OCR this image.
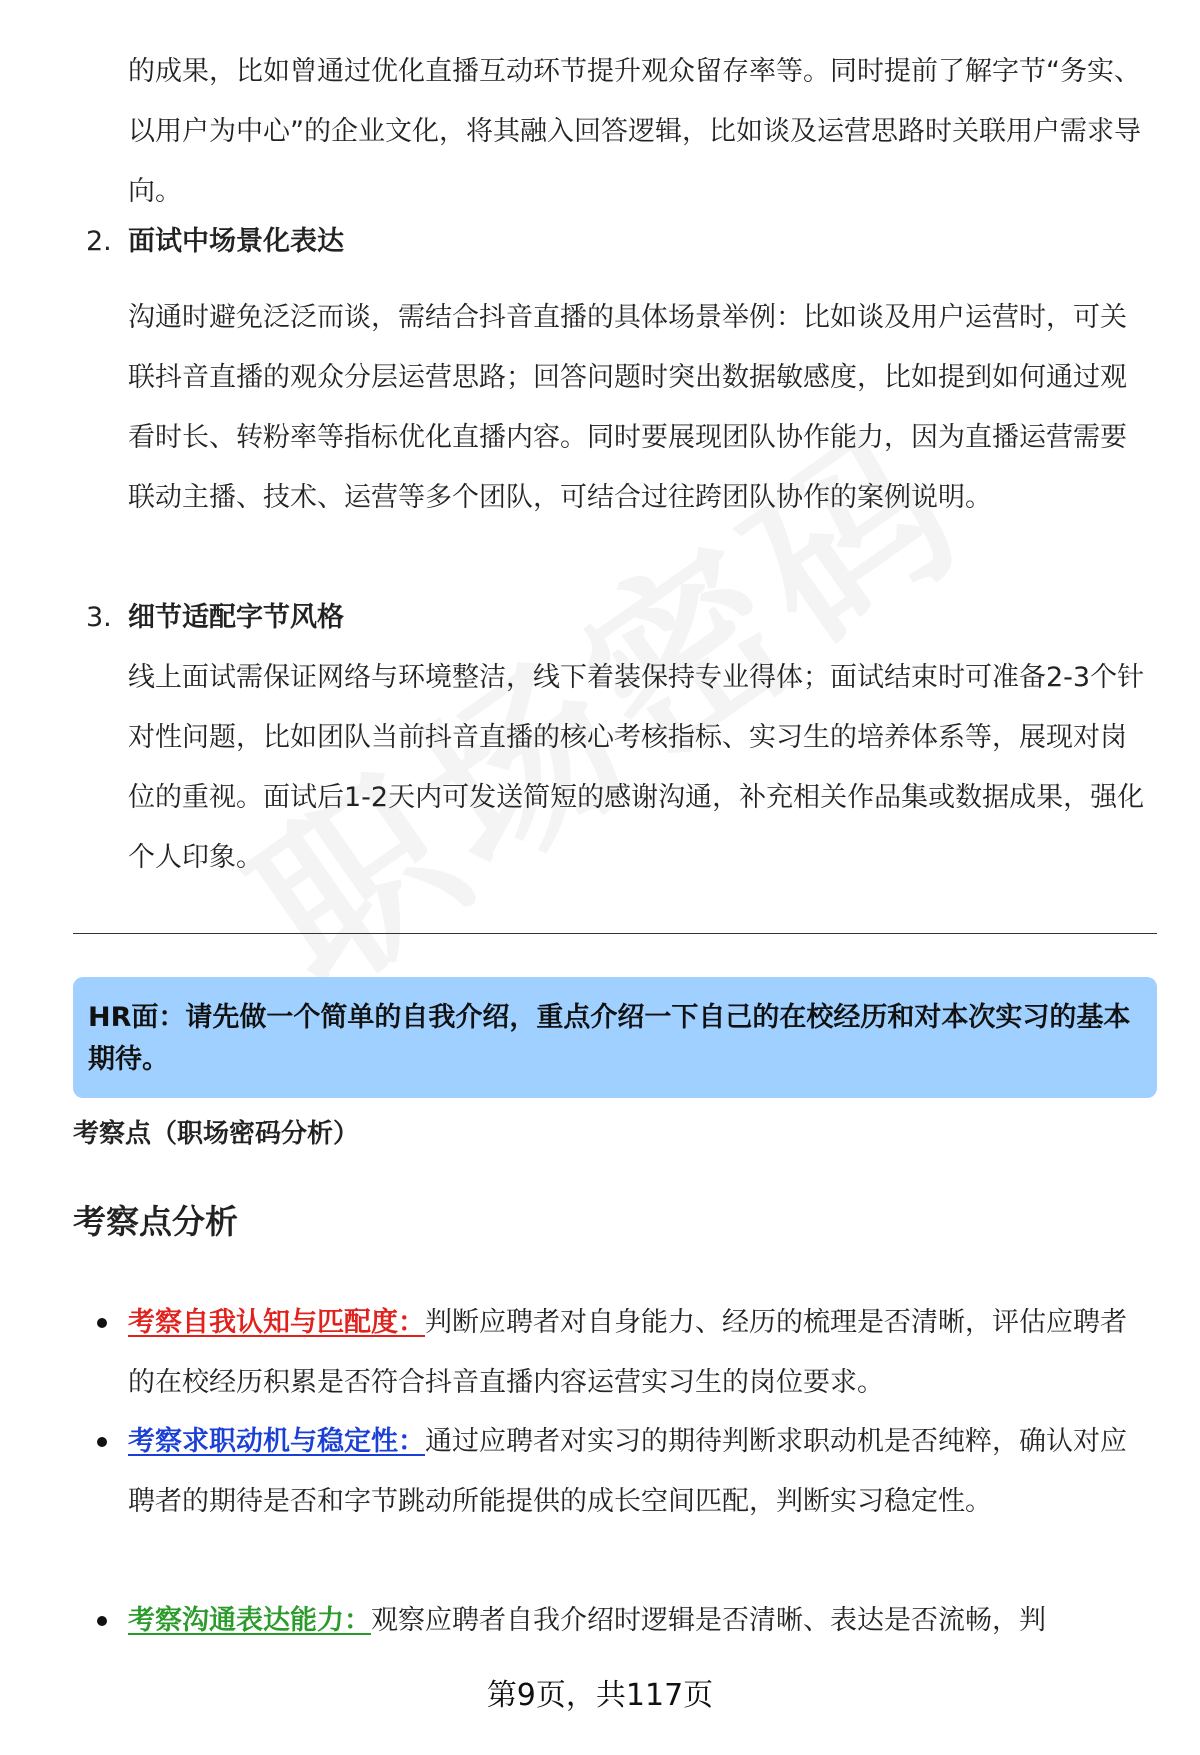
的成果，比如曾通过优化直播互动环节提升观众留存率等。同时提前了解字节“务实、以用户为中心”的企业文化，将其融入回答逻辑，比如谈及运营思路时关联用户需求导向。

2. 面试中场景化表达

沟通时避免泛泛而谈，需结合抖音直播的具体场景举例：比如谈及用户运营时，可关联抖音直播的观众分层运营思路；回答问题时突出数据敏感度，比如提到如何通过观看时长、转粉率等指标优化直播内容。同时要展现团队协作能力，因为直播运营需要联动主播、技术、运营等多个团队，可结合过往跨团队协作的案例说明。

3. 细节适配字节风格

线上面试需保证网络与环境整洁，线下着装保持专业得体；面试结束时可准备2-3个针对性问题，比如团队当前抖音直播的核心考核指标、实习生的培养体系等，展现对岗位的重视。面试后1-2天内可发送简短的感谢沟通，补充相关作品集或数据成果，强化个人印象。

HR面：请先做一个简单的自我介绍，重点介绍一下自己的在校经历和对本次实习的基本期待。

考察点（职场密码分析）
考察点分析

考察自我认知与匹配度：判断应聘者对自身能力、经历的梳理是否清晰，评估应聘者的在校经历积累是否符合抖音直播内容运营实习生的岗位要求。

考察求职动机与稳定性：通过应聘者对实习的期待判断求职动机是否纯粹，确认对应聘者的期待是否和字节跳动所能提供的成长空间匹配，判断实习稳定性。

考察沟通表达能力：观察应聘者自我介绍时逻辑是否清晰、表达是否流畅，判

第9页，共117页
